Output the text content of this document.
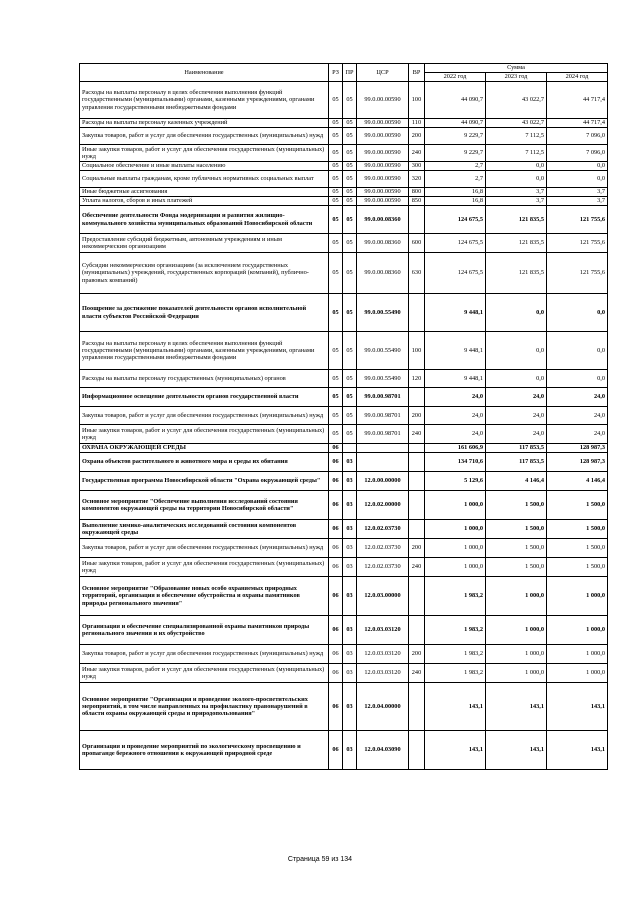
Наименование	РЗ	ПР	ЦСР	ВР	Сумма		
					2022 год	2023 год	2024 год
Расходы на выплаты персоналу в целях обеспечения выполнения функций государственными (муниципальными) органами, казенными учреждениями, органами управления государственными внебюджетными фондами	05	05	99.0.00.00590	100	44 090,7	43 022,7	44 717,4
Расходы на выплаты персоналу казенных учреждений	05	05	99.0.00.00590	110	44 090,7	43 022,7	44 717,4
Закупка товаров, работ и услуг для обеспечения государственных (муниципальных) нужд	05	05	99.0.00.00590	200	9 229,7	7 112,5	7 096,0
Иные закупки товаров, работ и услуг для обеспечения государственных (муниципальных) нужд	05	05	99.0.00.00590	240	9 229,7	7 112,5	7 096,0
Социальное обеспечение и иные выплаты населению	05	05	99.0.00.00590	300	2,7	0,0	0,0
Социальные выплаты гражданам, кроме публичных нормативных социальных выплат	05	05	99.0.00.00590	320	2,7	0,0	0,0
Иные бюджетные ассигнования	05	05	99.0.00.00590	800	16,8	3,7	3,7
Уплата налогов, сборов и иных платежей	05	05	99.0.00.00590	850	16,8	3,7	3,7
Обеспечение деятельности Фонда модернизации и развития жилищно-коммунального хозяйства муниципальных образований Новосибирской области	05	05	99.0.00.08360		124 675,5	121 835,5	121 755,6
Предоставление субсидий бюджетным, автономным учреждениям и иным некоммерческим организациям	05	05	99.0.00.08360	600	124 675,5	121 835,5	121 755,6
Субсидии некоммерческим организациям (за исключением государственных (муниципальных) учреждений, государственных корпораций (компаний), публично-правовых компаний)	05	05	99.0.00.08360	630	124 675,5	121 835,5	121 755,6
Поощрение за достижение показателей деятельности органов исполнительной власти субъектов Российской Федерации	05	05	99.0.00.55490		9 448,1	0,0	0,0
Расходы на выплаты персоналу в целях обеспечения выполнения функций государственными (муниципальными) органами, казенными учреждениями, органами управления государственными внебюджетными фондами	05	05	99.0.00.55490	100	9 448,1	0,0	0,0
Расходы на выплаты персоналу государственных (муниципальных) органов	05	05	99.0.00.55490	120	9 448,1	0,0	0,0
Информационное освещение деятельности органов государственной власти	05	05	99.0.00.98701		24,0	24,0	24,0
Закупка товаров, работ и услуг для обеспечения государственных (муниципальных) нужд	05	05	99.0.00.98701	200	24,0	24,0	24,0
Иные закупки товаров, работ и услуг для обеспечения государственных (муниципальных) нужд	05	05	99.0.00.98701	240	24,0	24,0	24,0
ОХРАНА ОКРУЖАЮЩЕЙ СРЕДЫ	06				161 606,9	117 853,5	128 987,3
Охрана объектов растительного и животного мира и среды их обитания	06	03			134 710,6	117 853,5	128 987,3
Государственная программа Новосибирской области "Охрана окружающей среды"	06	03	12.0.00.00000		5 129,6	4 146,4	4 146,4
Основное мероприятие "Обеспечение выполнения исследований состояния компонентов окружающей среды на территории Новосибирской области"	06	03	12.0.02.00000		1 000,0	1 500,0	1 500,0
Выполнение химико-аналитических исследований состояния компонентов окружающей среды	06	03	12.0.02.03730		1 000,0	1 500,0	1 500,0
Закупка товаров, работ и услуг для обеспечения государственных (муниципальных) нужд	06	03	12.0.02.03730	200	1 000,0	1 500,0	1 500,0
Иные закупки товаров, работ и услуг для обеспечения государственных (муниципальных) нужд	06	03	12.0.02.03730	240	1 000,0	1 500,0	1 500,0
Основное мероприятие "Образование новых особо охраняемых природных территорий, организация и обеспечение обустройства и охраны памятников природы регионального значения"	06	03	12.0.03.00000		1 983,2	1 000,0	1 000,0
Организация и обеспечение специализированной охраны памятников природы регионального значения и их обустройство	06	03	12.0.03.03120		1 983,2	1 000,0	1 000,0
Закупка товаров, работ и услуг для обеспечения государственных (муниципальных) нужд	06	03	12.0.03.03120	200	1 983,2	1 000,0	1 000,0
Иные закупки товаров, работ и услуг для обеспечения государственных (муниципальных) нужд	06	03	12.0.03.03120	240	1 983,2	1 000,0	1 000,0
Основное мероприятие "Организация и проведение эколого-просветительских мероприятий, в том числе направленных на профилактику правонарушений в области охраны окружающей среды и природопользования"	06	03	12.0.04.00000		143,1	143,1	143,1
Организация и проведение мероприятий по экологическому просвещению и пропаганде бережного отношения к окружающей природной среде	06	03	12.0.04.03090		143,1	143,1	143,1
Страница 59 из 134
